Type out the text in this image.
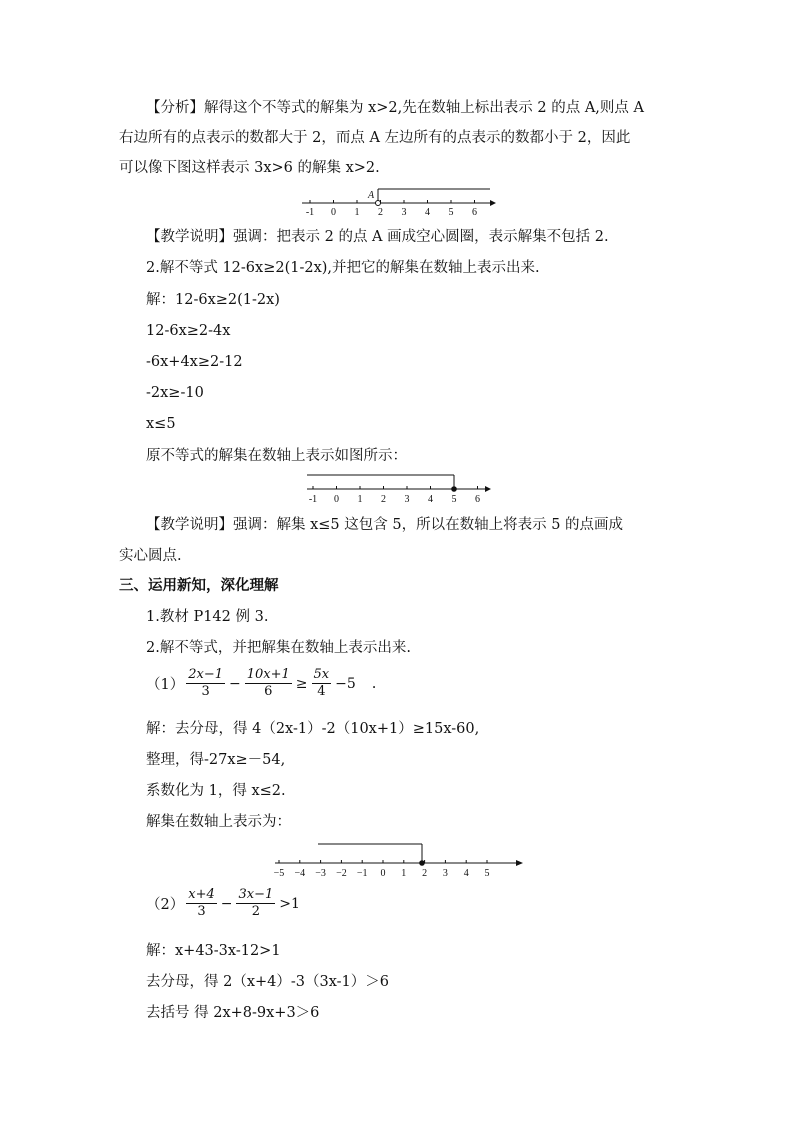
【分析】解得这个不等式的解集为 x>2,先在数轴上标出表示 2 的点 A,则点 A
右边所有的点表示的数都大于 2，而点 A 左边所有的点表示的数都小于 2，因此
可以像下图这样表示 3x>6 的解集 x>2.
-1 0 1 2 3 4 5 6
A
【教学说明】强调：把表示 2 的点 A 画成空心圆圈，表示解集不包括 2.
2.解不等式 12-6x≥2(1-2x),并把它的解集在数轴上表示出来.
解：12-6x≥2(1-2x)
12-6x≥2-4x
-6x+4x≥2-12
-2x≥-10
x≤5
原不等式的解集在数轴上表示如图所示：
-1 0 1 2 3 4 5 6
【教学说明】强调：解集 x≤5 这包含 5，所以在数轴上将表示 5 的点画成
实心圆点.
三、运用新知，深化理解
1.教材 P142 例 3.
2.解不等式，并把解集在数轴上表示出来.
$(1) \frac{2x-1}{3} - \frac{10x+1}{6} \ge \frac{5x}{4} -5$ .
解：去分母，得 4（2x-1）-2（10x+1）≥15x-60,
整理，得-27x≥－54,
系数化为 1，得 x≤2.
解集在数轴上表示为：
−5 −4 −3 −2 −1 0 1 2 3 4 5
$(2) \frac{x+4}{3} - \frac{3x-1}{2} >1$
解：x+43-3x-12>1
去分母，得 2（x+4）-3（3x-1）＞6
去括号 得 2x+8-9x+3＞6
